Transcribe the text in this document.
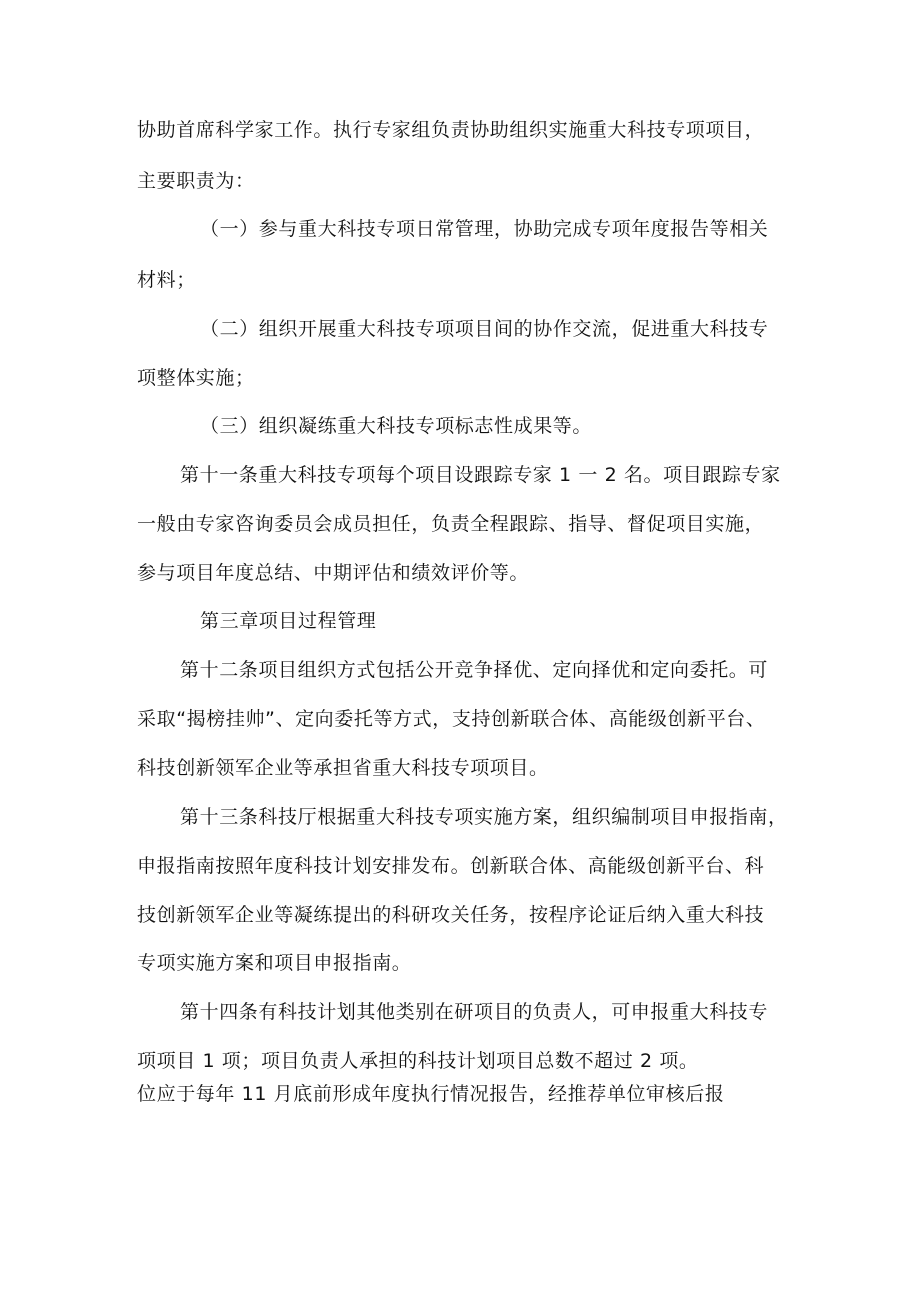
协助首席科学家工作。执行专家组负责协助组织实施重大科技专项项目，
主要职责为：
（一）参与重大科技专项日常管理，协助完成专项年度报告等相关
材料；
（二）组织开展重大科技专项项目间的协作交流，促进重大科技专
项整体实施；
（三）组织凝练重大科技专项标志性成果等。
第十一条重大科技专项每个项目设跟踪专家 1 一 2 名。项目跟踪专家
一般由专家咨询委员会成员担任，负责全程跟踪、指导、督促项目实施，
参与项目年度总结、中期评估和绩效评价等。
第三章项目过程管理
第十二条项目组织方式包括公开竞争择优、定向择优和定向委托。可
采取“揭榜挂帅”、定向委托等方式，支持创新联合体、高能级创新平台、
科技创新领军企业等承担省重大科技专项项目。
第十三条科技厅根据重大科技专项实施方案，组织编制项目申报指南，
申报指南按照年度科技计划安排发布。创新联合体、高能级创新平台、科
技创新领军企业等凝练提出的科研攻关任务，按程序论证后纳入重大科技
专项实施方案和项目申报指南。
第十四条有科技计划其他类别在研项目的负责人，可申报重大科技专
项项目 1 项；项目负责人承担的科技计划项目总数不超过 2 项。
位应于每年 11 月底前形成年度执行情况报告，经推荐单位审核后报
